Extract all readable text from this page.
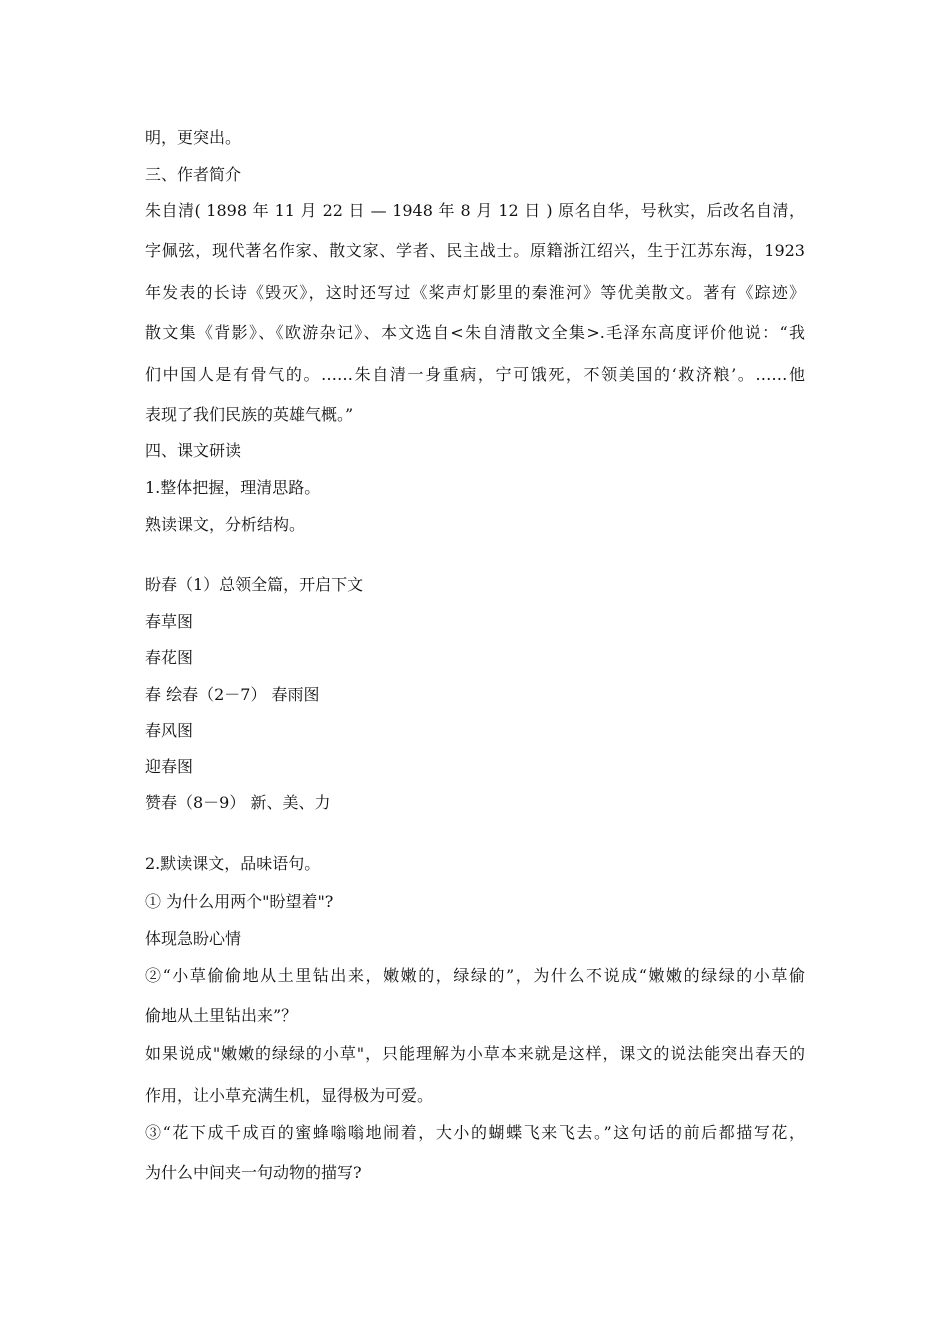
明，更突出。
三、作者简介
朱自清( 1898 年 11 月 22 日 — 1948 年 8 月 12 日 ) 原名自华，号秋实，后改名自清，
字佩弦，现代著名作家、散文家、学者、民主战士。原籍浙江绍兴，生于江苏东海，1923
年发表的长诗《毁灭》，这时还写过《桨声灯影里的秦淮河》等优美散文。著有《踪迹》
散文集《背影》、《欧游杂记》、本文选自<朱自清散文全集>.毛泽东高度评价他说：“我
们中国人是有骨气的。……朱自清一身重病，宁可饿死，不领美国的‘救济粮’。……他
表现了我们民族的英雄气概。”
四、课文研读
1.整体把握，理清思路。
熟读课文，分析结构。
盼春（1）总领全篇，开启下文
春草图
春花图
春 绘春（2－7） 春雨图
春风图
迎春图
赞春（8－9） 新、美、力
2.默读课文，品味语句。
① 为什么用两个"盼望着"?
体现急盼心情
②“小草偷偷地从土里钻出来，嫩嫩的，绿绿的”，为什么不说成“嫩嫩的绿绿的小草偷
偷地从土里钻出来”？
如果说成"嫩嫩的绿绿的小草"，只能理解为小草本来就是这样，课文的说法能突出春天的
作用，让小草充满生机，显得极为可爱。
③“花下成千成百的蜜蜂嗡嗡地闹着，大小的蝴蝶飞来飞去。”这句话的前后都描写花，
为什么中间夹一句动物的描写?
